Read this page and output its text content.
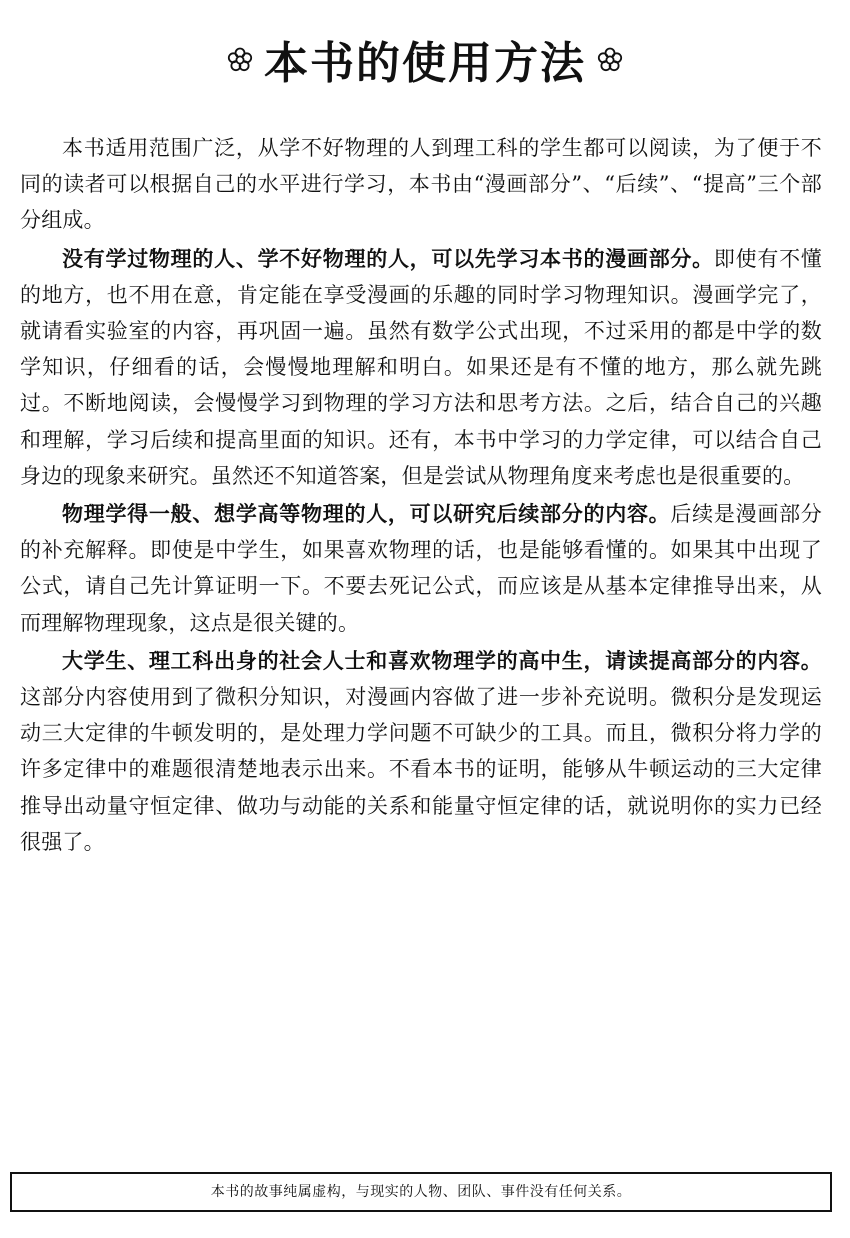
本书的使用方法

本书适用范围广泛，从学不好物理的人到理工科的学生都可以阅读，为了便于不同的读者可以根据自己的水平进行学习，本书由“漫画部分”、“后续”、“提高”三个部分组成。

没有学过物理的人、学不好物理的人，可以先学习本书的漫画部分。即使有不懂的地方，也不用在意，肯定能在享受漫画的乐趣的同时学习物理知识。漫画学完了，就请看实验室的内容，再巩固一遍。虽然有数学公式出现，不过采用的都是中学的数学知识，仔细看的话，会慢慢地理解和明白。如果还是有不懂的地方，那么就先跳过。不断地阅读，会慢慢学习到物理的学习方法和思考方法。之后，结合自己的兴趣和理解，学习后续和提高里面的知识。还有，本书中学习的力学定律，可以结合自己身边的现象来研究。虽然还不知道答案，但是尝试从物理角度来考虑也是很重要的。

物理学得一般、想学高等物理的人，可以研究后续部分的内容。后续是漫画部分的补充解释。即使是中学生，如果喜欢物理的话，也是能够看懂的。如果其中出现了公式，请自己先计算证明一下。不要去死记公式，而应该是从基本定律推导出来，从而理解物理现象，这点是很关键的。

大学生、理工科出身的社会人士和喜欢物理学的高中生，请读提高部分的内容。这部分内容使用到了微积分知识，对漫画内容做了进一步补充说明。微积分是发现运动三大定律的牛顿发明的，是处理力学问题不可缺少的工具。而且，微积分将力学的许多定律中的难题很清楚地表示出来。不看本书的证明，能够从牛顿运动的三大定律推导出动量守恒定律、做功与动能的关系和能量守恒定律的话，就说明你的实力已经很强了。

本书的故事纯属虚构，与现实的人物、团队、事件没有任何关系。
